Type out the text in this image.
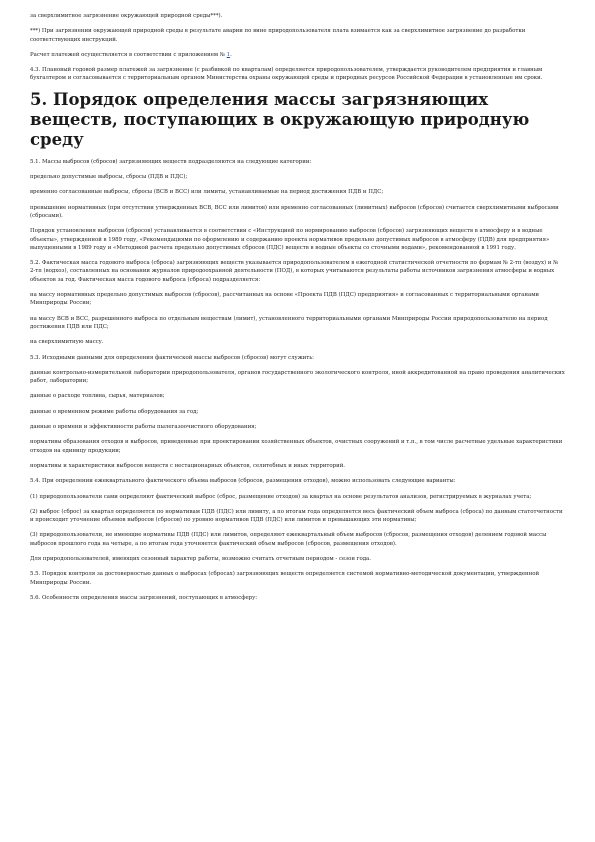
за сверхлимитное загрязнение окружающей природной среды***).

***) При загрязнении окружающей природной среды в результате аварии по вине природопользователя плата взимается как за сверхлимитное загрязнение до разработки соответствующих инструкций.

Расчет платежей осуществляется в соответствии с приложением № 1.

4.3. Плановый годовой размер платежей за загрязнение (с разбивкой по кварталам) определяется природопользователем, утверждается руководителем предприятия и главным бухгалтером и согласовывается с территориальным органом Министерства охраны окружающей среды и природных ресурсов Российской Федерации в установленные им сроки.

5. Порядок определения массы загрязняющих веществ, поступающих в окружающую природную среду

5.1. Массы выбросов (сбросов) загрязняющих веществ подразделяются на следующие категории:

предельно допустимые выбросы, сбросы (ПДВ и ПДС);

временно согласованные выбросы, сбросы (ВСВ и ВСС) или лимиты, устанавливаемые на период достижения ПДВ и ПДС;

превышение нормативных (при отсутствии утвержденных ВСВ, ВСС или лимитов) или временно согласованных (лимитных) выбросов (сбросов) считается сверхлимитными выбросами (сбросами).

Порядок установления выбросов (сбросов) устанавливается в соответствии с «Инструкцией по нормированию выбросов (сбросов) загрязняющих веществ в атмосферу и в водные объекты», утвержденной в 1989 году, «Рекомендациями по оформлению и содержанию проекта нормативов предельно допустимых выбросов в атмосферу (ПДВ) для предприятия» выпущенными в 1989 году и «Методикой расчета предельно допустимых сбросов (ПДС) веществ в водные объекты со сточными водами», рекомендованной в 1991 году.

5.2. Фактическая масса годового выброса (сброса) загрязняющих веществ указывается природопользователем в ежегодной статистической отчетности по формам № 2-тп (воздух) и № 2-тп (водхоз), составленных на основании журналов природоохранной деятельности (ПОД), в которых учитываются результаты работы источников загрязнения атмосферы и водных объектов за год. Фактическая масса годового выброса (сброса) подразделяется:

на массу нормативных предельно допустимых выбросов (сбросов), рассчитанных на основе «Проекта ПДВ (ПДС) предприятия» и согласованных с территориальными органами Минприроды России;

на массу ВСВ и ВСС, разрешенного выброса по отдельным веществам (лимит), установленного территориальными органами Минприроды России природопользователю на период достижения ПДВ или ПДС;

на сверхлимитную массу.

5.3. Исходными данными для определения фактической массы выбросов (сбросов) могут служить:

данные контрольно-измерительной лаборатории природопользователя, органов государственного экологического контроля, иной аккредитованной на право проведения аналитических работ, лаборатории;

данные о расходе топлива, сырья, материалов;

данные о временном режиме работы оборудования за год;

данные о времени и эффективности работы пылегазоочистного оборудования;

нормативы образования отходов и выбросов, приведенные при проектировании хозяйственных объектов, очистных сооружений и т.п., в том числе расчетные удельные характеристики отходов на единицу продукции;

нормативы и характеристики выбросов веществ с нестационарных объектов, селитебных и иных территорий.

5.4. При определении ежеквартального фактического объема выбросов (сбросов, размещения отходов), можно использовать следующие варианты:

(1) природопользователи сами определяют фактический выброс (сброс, размещение отходов) за квартал на основе результатов анализов, регистрируемых в журналах учета;

(2) выброс (сброс) за квартал определяется по нормативам ПДВ (ПДС) или лимиту, а по итогам года определяется весь фактический объем выброса (сброса) по данным статотчетности и происходит уточнение объемов выбросов (сбросов) по уровню нормативов ПДВ (ПДС) или лимитов и превышающих эти нормативы;

(3) природопользователи, не имеющие нормативы ПДВ (ПДС) или лимитов, определяют ежеквартальный объем выбросов (сбросов, размещения отходов) делением годовой массы выбросов прошлого года на четыре, а по итогам года уточняется фактический объем выбросов (сбросов, размещения отходов).

Для природопользователей, имеющих сезонный характер работы, возможно считать отчетным периодом - сезон года.

5.5. Порядок контроля за достоверностью данных о выбросах (сбросах) загрязняющих веществ определяется системой нормативно-методической документации, утвержденной Минприроды России.

5.6. Особенности определения массы загрязнений, поступающих в атмосферу:
